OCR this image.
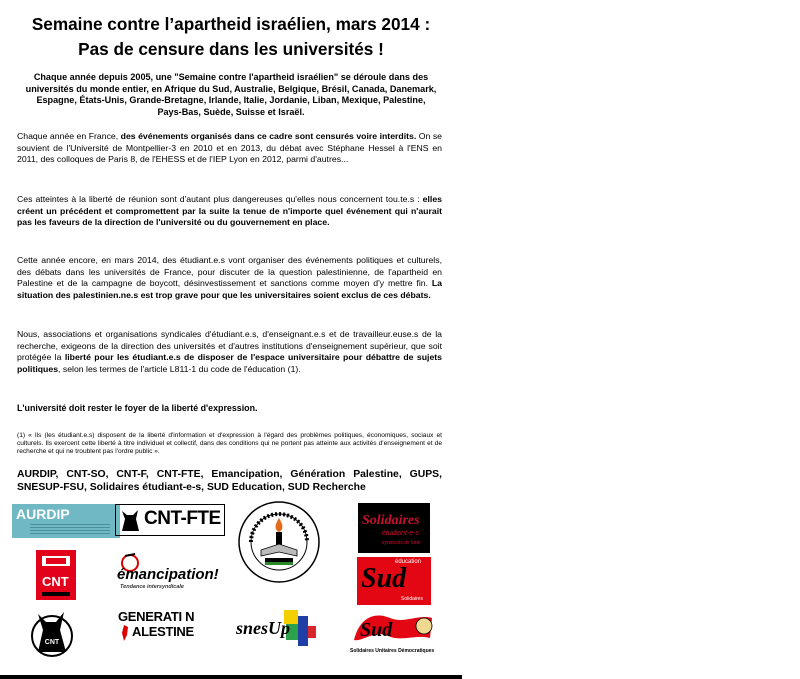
Semaine contre l’apartheid israélien, mars 2014 :
Pas de censure dans les universités !

Chaque année depuis 2005, une "Semaine contre l'apartheid israélien" se déroule dans des universités du monde entier, en Afrique du Sud, Australie, Belgique, Brésil, Canada, Danemark, Espagne, États-Unis, Grande-Bretagne, Irlande, Italie, Jordanie, Liban, Mexique, Palestine, Pays-Bas, Suède, Suisse et Israël.

Chaque année en France, des événements organisés dans ce cadre sont censurés voire interdits. On se souvient de l'Université de Montpellier-3 en 2010 et en 2013, du débat avec Stéphane Hessel à l'ENS en 2011, des colloques de Paris 8, de l'EHESS et de l'IEP Lyon en 2012, parmi d'autres...

Ces atteintes à la liberté de réunion sont d'autant plus dangereuses qu'elles nous concernent tou.te.s : elles créent un précédent et compromettent par la suite la tenue de n'importe quel événement qui n'aurait pas les faveurs de la direction de l'université ou du gouvernement en place.

Cette année encore, en mars 2014, des étudiant.e.s vont organiser des événements politiques et culturels, des débats dans les universités de France, pour discuter de la question palestinienne, de l'apartheid en Palestine et de la campagne de boycott, désinvestissement et sanctions comme moyen d'y mettre fin. La situation des palestinien.ne.s est trop grave pour que les universitaires soient exclus de ces débats.

Nous, associations et organisations syndicales d'étudiant.e.s, d'enseignant.e.s et de travailleur.euse.s de la recherche, exigeons de la direction des universités et d'autres institutions d'enseignement supérieur, que soit protégée la liberté pour les étudiant.e.s de disposer de l'espace universitaire pour débattre de sujets politiques, selon les termes de l'article L811-1 du code de l'éducation (1).

L'université doit rester le foyer de la liberté d'expression.

(1) « Ils (les étudiant.e.s) disposent de la liberté d'information et d'expression à l'égard des problèmes politiques, économiques, sociaux et culturels. Ils exercent cette liberté à titre individuel et collectif, dans des conditions qui ne portent pas atteinte aux activités d'enseignement et de recherche et qui ne troublent pas l'ordre public ».

AURDIP, CNT-SO, CNT-F, CNT-FTE, Emancipation, Génération Palestine, GUPS, SNESUP-FSU, Solidaires étudiant-e-s, SUD Education, SUD Recherche

AURDIP	CNT-FTE	Solidaires
étudiant-e-s
syndicats de lutte
CNT	émancipation!
Tendance intersyndicale
éducation
Sud
Solidaires
CNT
GENERATI N
ALESTINE	snesUp	Sud
Solidaires Unitaires Démocratiques
